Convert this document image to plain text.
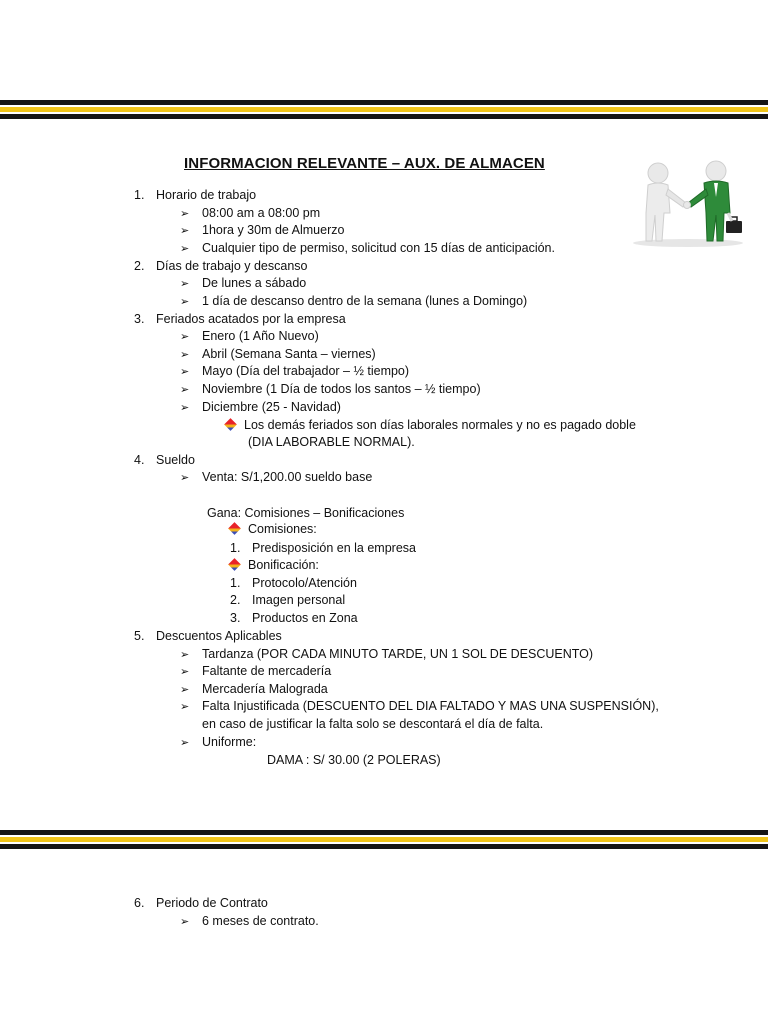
INFORMACION RELEVANTE – AUX. DE ALMACEN
1. Horario de trabajo
➢ 08:00 am a 08:00 pm
➢ 1hora y 30m de Almuerzo
➢ Cualquier tipo de permiso, solicitud con 15 días de anticipación.
2. Días de trabajo y descanso
➢ De lunes a sábado
➢ 1 día de descanso dentro de la semana (lunes a Domingo)
3. Feriados acatados por la empresa
➢ Enero (1 Año Nuevo)
➢ Abril (Semana Santa – viernes)
➢ Mayo (Día del trabajador – ½ tiempo)
➢ Noviembre (1 Día de todos los santos – ½ tiempo)
➢ Diciembre (25 - Navidad)
Los demás feriados son días laborales normales y no es pagado doble
(DIA LABORABLE NORMAL).
4. Sueldo
➢ Venta: S/1,200.00 sueldo base
Gana: Comisiones – Bonificaciones
Comisiones:
1. Predisposición en la empresa
Bonificación:
1. Protocolo/Atención
2. Imagen personal
3. Productos en Zona
5. Descuentos Aplicables
➢ Tardanza (POR CADA MINUTO TARDE, UN 1 SOL DE DESCUENTO)
➢ Faltante de mercadería
➢ Mercadería Malograda
➢ Falta Injustificada (DESCUENTO DEL DIA FALTADO Y MAS UNA SUSPENSIÓN),
en caso de justificar la falta solo se descontará el día de falta.
➢ Uniforme:
DAMA : S/ 30.00 (2 POLERAS)
6. Periodo de Contrato
➢ 6 meses de contrato.
